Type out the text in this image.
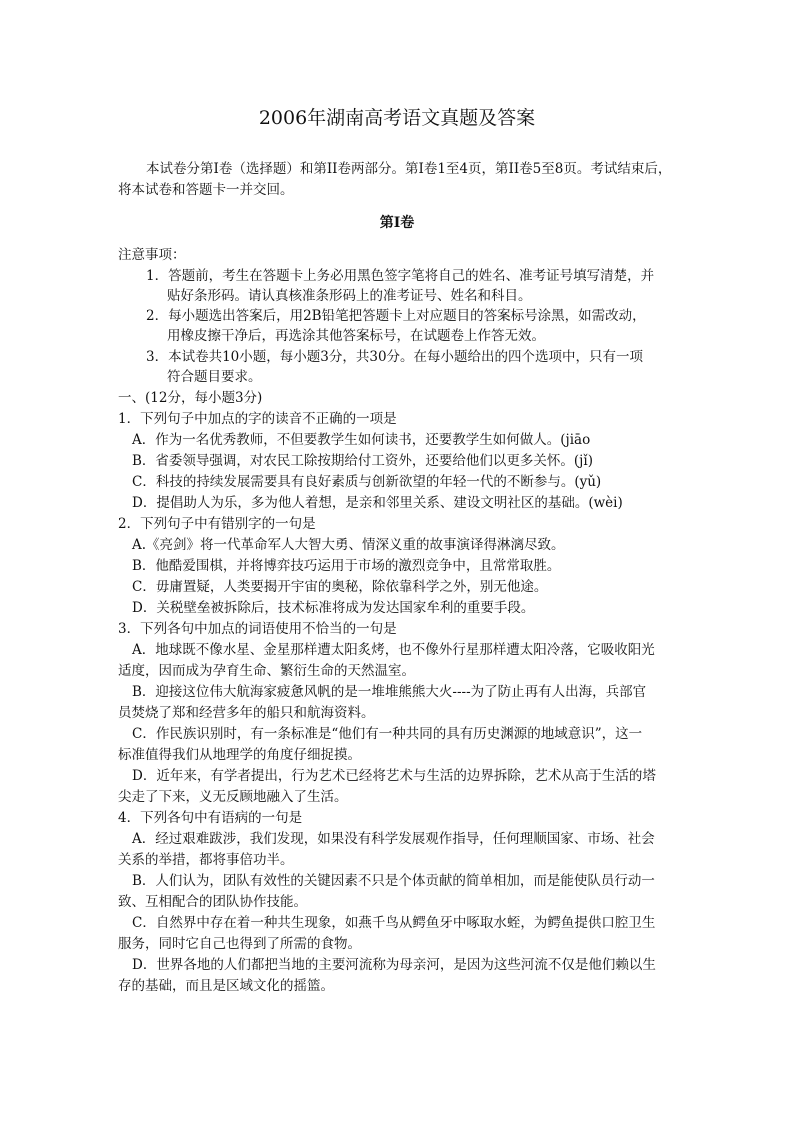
2006年湖南高考语文真题及答案

本试卷分第I卷（选择题）和第II卷两部分。第I卷1至4页，第II卷5至8页。考试结束后，将本试卷和答题卡一并交回。

第I卷
注意事项：
1．答题前，考生在答题卡上务必用黑色签字笔将自己的姓名、准考证号填写清楚，并
贴好条形码。请认真核准条形码上的准考证号、姓名和科目。
2．每小题选出答案后，用2B铅笔把答题卡上对应题目的答案标号涂黑，如需改动，
用橡皮擦干净后，再选涂其他答案标号，在试题卷上作答无效。
3．本试卷共10小题，每小题3分，共30分。在每小题给出的四个选项中，只有一项
符合题目要求。
一、(12分，每小题3分)
1．下列句子中加点的字的读音不正确的一项是
A．作为一名优秀教师，不但要教学生如何读书，还要教学生如何做人。(jiāo
B．省委领导强调，对农民工除按期给付工资外，还要给他们以更多关怀。(jǐ)
C．科技的持续发展需要具有良好素质与创新欲望的年轻一代的不断参与。(yǔ)
D．提倡助人为乐，多为他人着想，是亲和邻里关系、建设文明社区的基础。(wèi)
2．下列句子中有错别字的一句是
A.《亮剑》将一代革命军人大智大勇、情深义重的故事演译得淋漓尽致。
B．他酷爱围棋，并将博弈技巧运用于市场的激烈竞争中，且常常取胜。
C．毋庸置疑，人类要揭开宇宙的奥秘，除依靠科学之外，别无他途。
D．关税壁垒被拆除后，技术标准将成为发达国家牟利的重要手段。
3．下列各句中加点的词语使用不恰当的一句是
A．地球既不像水星、金星那样遭太阳炙烤，也不像外行星那样遭太阳冷落，它吸收阳光
适度，因而成为孕育生命、繁衍生命的天然温室。
B．迎接这位伟大航海家疲惫风帆的是一堆堆熊熊大火----为了防止再有人出海，兵部官
员焚烧了郑和经营多年的船只和航海资料。
C．作民族识别时，有一条标准是“他们有一种共同的具有历史渊源的地域意识”，这一
标准值得我们从地理学的角度仔细捉摸。
D．近年来，有学者提出，行为艺术已经将艺术与生活的边界拆除，艺术从高于生活的塔
尖走了下来，义无反顾地融入了生活。
4．下列各句中有语病的一句是
A．经过艰难跋涉，我们发现，如果没有科学发展观作指导，任何理顺国家、市场、社会
关系的举措，都将事倍功半。
B．人们认为，团队有效性的关键因素不只是个体贡献的简单相加，而是能使队员行动一
致、互相配合的团队协作技能。
C．自然界中存在着一种共生现象，如燕千鸟从鳄鱼牙中啄取水蛭，为鳄鱼提供口腔卫生
服务，同时它自己也得到了所需的食物。
D．世界各地的人们都把当地的主要河流称为母亲河，是因为这些河流不仅是他们赖以生
存的基础，而且是区域文化的摇篮。
